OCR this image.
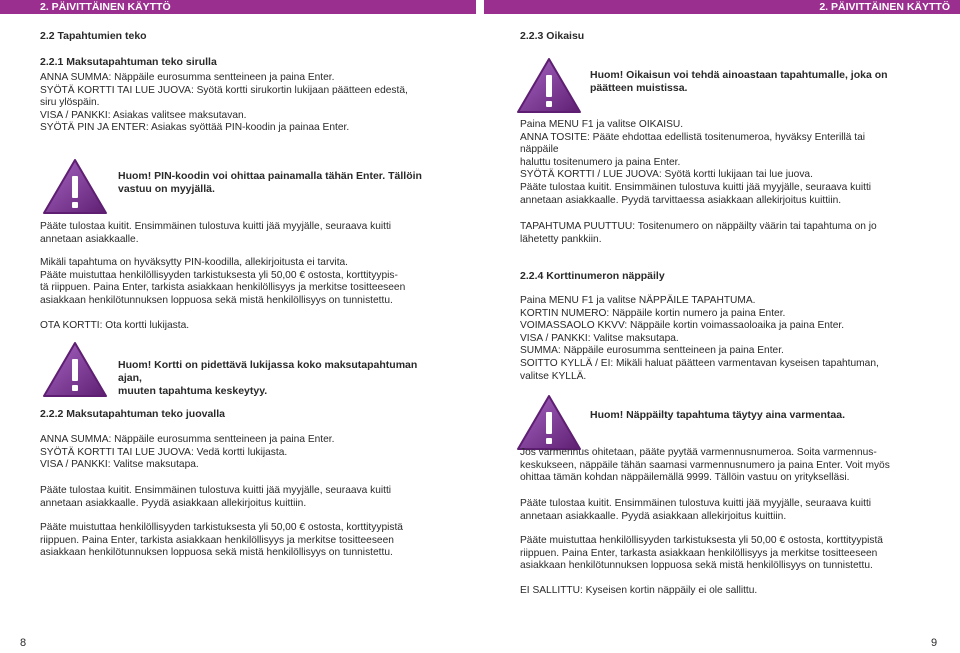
2. PÄIVITTÄINEN KÄYTTÖ	2. PÄIVITTÄINEN KÄYTTÖ
2.2 Tapahtumien teko
2.2.1 Maksutapahtuman teko sirulla

ANNA SUMMA: Näppäile eurosumma sentteineen ja paina Enter.

SYÖTÄ KORTTI TAI LUE JUOVA: Syötä kortti sirukortin lukijaan päätteen edestä,

siru ylöspäin.

VISA / PANKKI: Asiakas valitsee maksutavan.

SYÖTÄ PIN JA ENTER: Asiakas syöttää PIN-koodin ja painaa Enter.

Huom! PIN-koodin voi ohittaa painamalla tähän Enter. Tällöin

vastuu on myyjällä.

Pääte tulostaa kuitit. Ensimmäinen tulostuva kuitti jää myyjälle, seuraava kuitti

annetaan asiakkaalle.

Mikäli tapahtuma on hyväksytty PIN-koodilla, allekirjoitusta ei tarvita.

Pääte muistuttaa henkilöllisyyden tarkistuksesta yli 50,00 € ostosta, korttityypis-

tä riippuen. Paina Enter, tarkista asiakkaan henkilöllisyys ja merkitse tositteeseen

asiakkaan henkilötunnuksen loppuosa sekä mistä henkilöllisyys on tunnistettu.

OTA KORTTI: Ota kortti lukijasta.

Huom! Kortti on pidettävä lukijassa koko maksutapahtuman ajan,

muuten tapahtuma keskeytyy.

2.2.2 Maksutapahtuman teko juovalla

ANNA SUMMA: Näppäile eurosumma sentteineen ja paina Enter.

SYÖTÄ KORTTI TAI LUE JUOVA: Vedä kortti lukijasta.

VISA / PANKKI: Valitse maksutapa.

Pääte tulostaa kuitit. Ensimmäinen tulostuva kuitti jää myyjälle, seuraava kuitti

annetaan asiakkaalle. Pyydä asiakkaan allekirjoitus kuittiin.

Pääte muistuttaa henkilöllisyyden tarkistuksesta yli 50,00 € ostosta, korttityypistä

riippuen. Paina Enter, tarkista asiakkaan henkilöllisyys ja merkitse tositteeseen

asiakkaan henkilötunnuksen loppuosa sekä mistä henkilöllisyys on tunnistettu.

8
2.2.3 Oikaisu

Huom! Oikaisun voi tehdä ainoastaan tapahtumalle, joka on

päätteen muistissa.

Paina MENU F1 ja valitse OIKAISU.

ANNA TOSITE: Pääte ehdottaa edellistä tositenumeroa, hyväksy Enterillä tai näppäile

haluttu tositenumero ja paina Enter.

SYÖTÄ KORTTI / LUE JUOVA: Syötä kortti lukijaan tai lue juova.

Pääte tulostaa kuitit. Ensimmäinen tulostuva kuitti jää myyjälle, seuraava kuitti

annetaan asiakkaalle. Pyydä tarvittaessa asiakkaan allekirjoitus kuittiin.

TAPAHTUMA PUUTTUU: Tositenumero on näppäilty väärin tai tapahtuma on jo

lähetetty pankkiin.

2.2.4 Korttinumeron näppäily

Paina MENU F1 ja valitse NÄPPÄILE TAPAHTUMA.

KORTIN NUMERO: Näppäile kortin numero ja paina Enter.

VOIMASSAOLO KKVV: Näppäile kortin voimassaoloaika ja paina Enter.

VISA / PANKKI: Valitse maksutapa.

SUMMA: Näppäile eurosumma sentteineen ja paina Enter.

SOITTO KYLLÄ / EI: Mikäli haluat päätteen varmentavan kyseisen tapahtuman,

valitse KYLLÄ.

Huom! Näppäilty tapahtuma täytyy aina varmentaa.

Jos varmennus ohitetaan, pääte pyytää varmennusnumeroa. Soita varmennus-

keskukseen, näppäile tähän saamasi varmennusnumero ja paina Enter. Voit myös

ohittaa tämän kohdan näppäilemällä 9999. Tällöin vastuu on yritykselläsi.

Pääte tulostaa kuitit. Ensimmäinen tulostuva kuitti jää myyjälle, seuraava kuitti

annetaan asiakkaalle. Pyydä asiakkaan allekirjoitus kuittiin.

Pääte muistuttaa henkilöllisyyden tarkistuksesta yli 50,00 € ostosta, korttityypistä

riippuen. Paina Enter, tarkasta asiakkaan henkilöllisyys ja merkitse tositteeseen

asiakkaan henkilötunnuksen loppuosa sekä mistä henkilöllisyys on tunnistettu.

EI SALLITTU: Kyseisen kortin näppäily ei ole sallittu.

9
